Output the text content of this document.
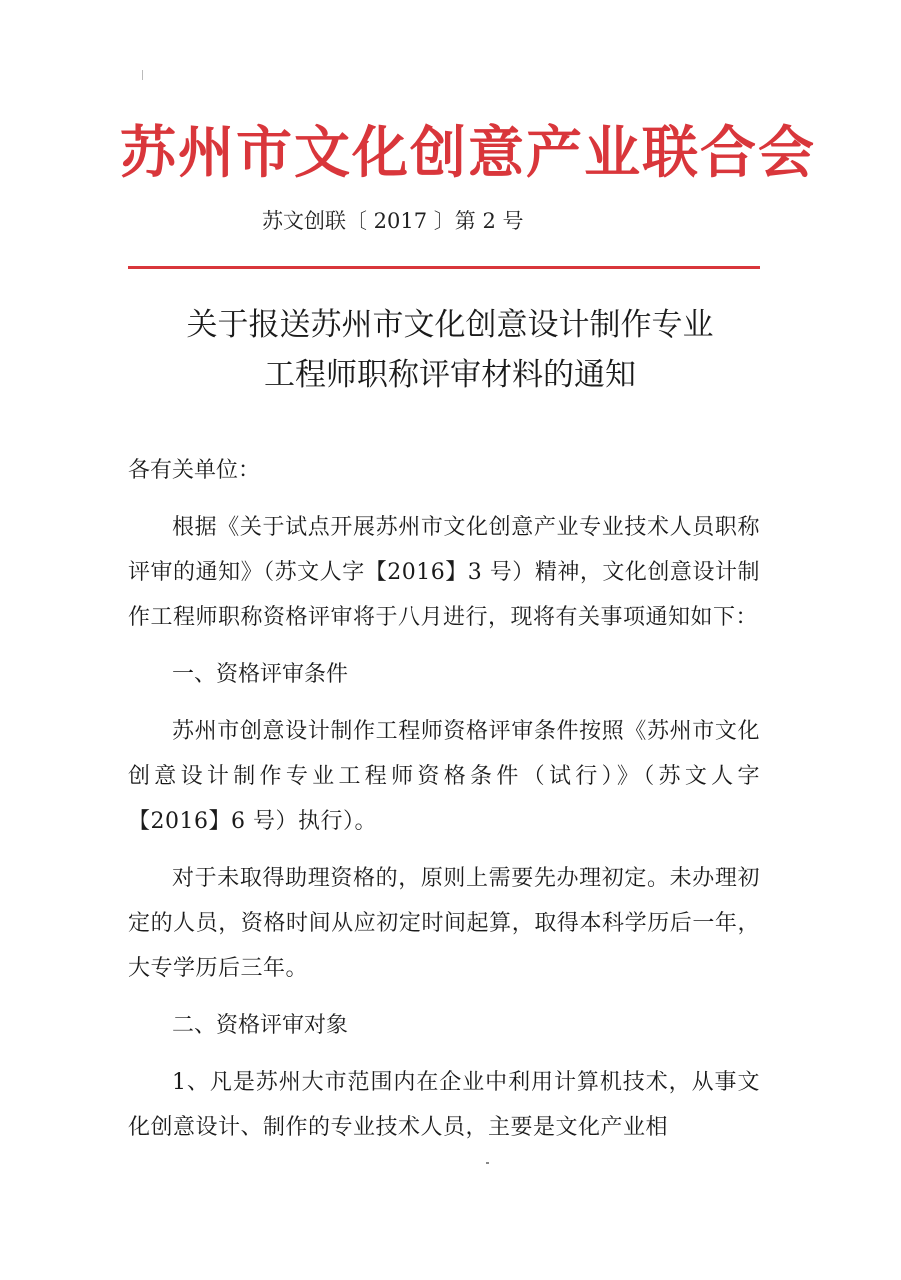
苏州市文化创意产业联合会
苏文创联〔 2017 〕第 2 号
关于报送苏州市文化创意设计制作专业
工程师职称评审材料的通知

各有关单位：

根据《关于试点开展苏州市文化创意产业专业技术人员职称评审的通知》（苏文人字【2016】3 号）精神，文化创意设计制作工程师职称资格评审将于八月进行，现将有关事项通知如下：

一、资格评审条件

苏州市创意设计制作工程师资格评审条件按照《苏州市文化创意设计制作专业工程师资格条件（试行）》（苏文人字【2016】6 号）执行）。

对于未取得助理资格的，原则上需要先办理初定。未办理初定的人员，资格时间从应初定时间起算，取得本科学历后一年，大专学历后三年。

二、资格评审对象

1、凡是苏州大市范围内在企业中利用计算机技术，从事文化创意设计、制作的专业技术人员，主要是文化产业相
